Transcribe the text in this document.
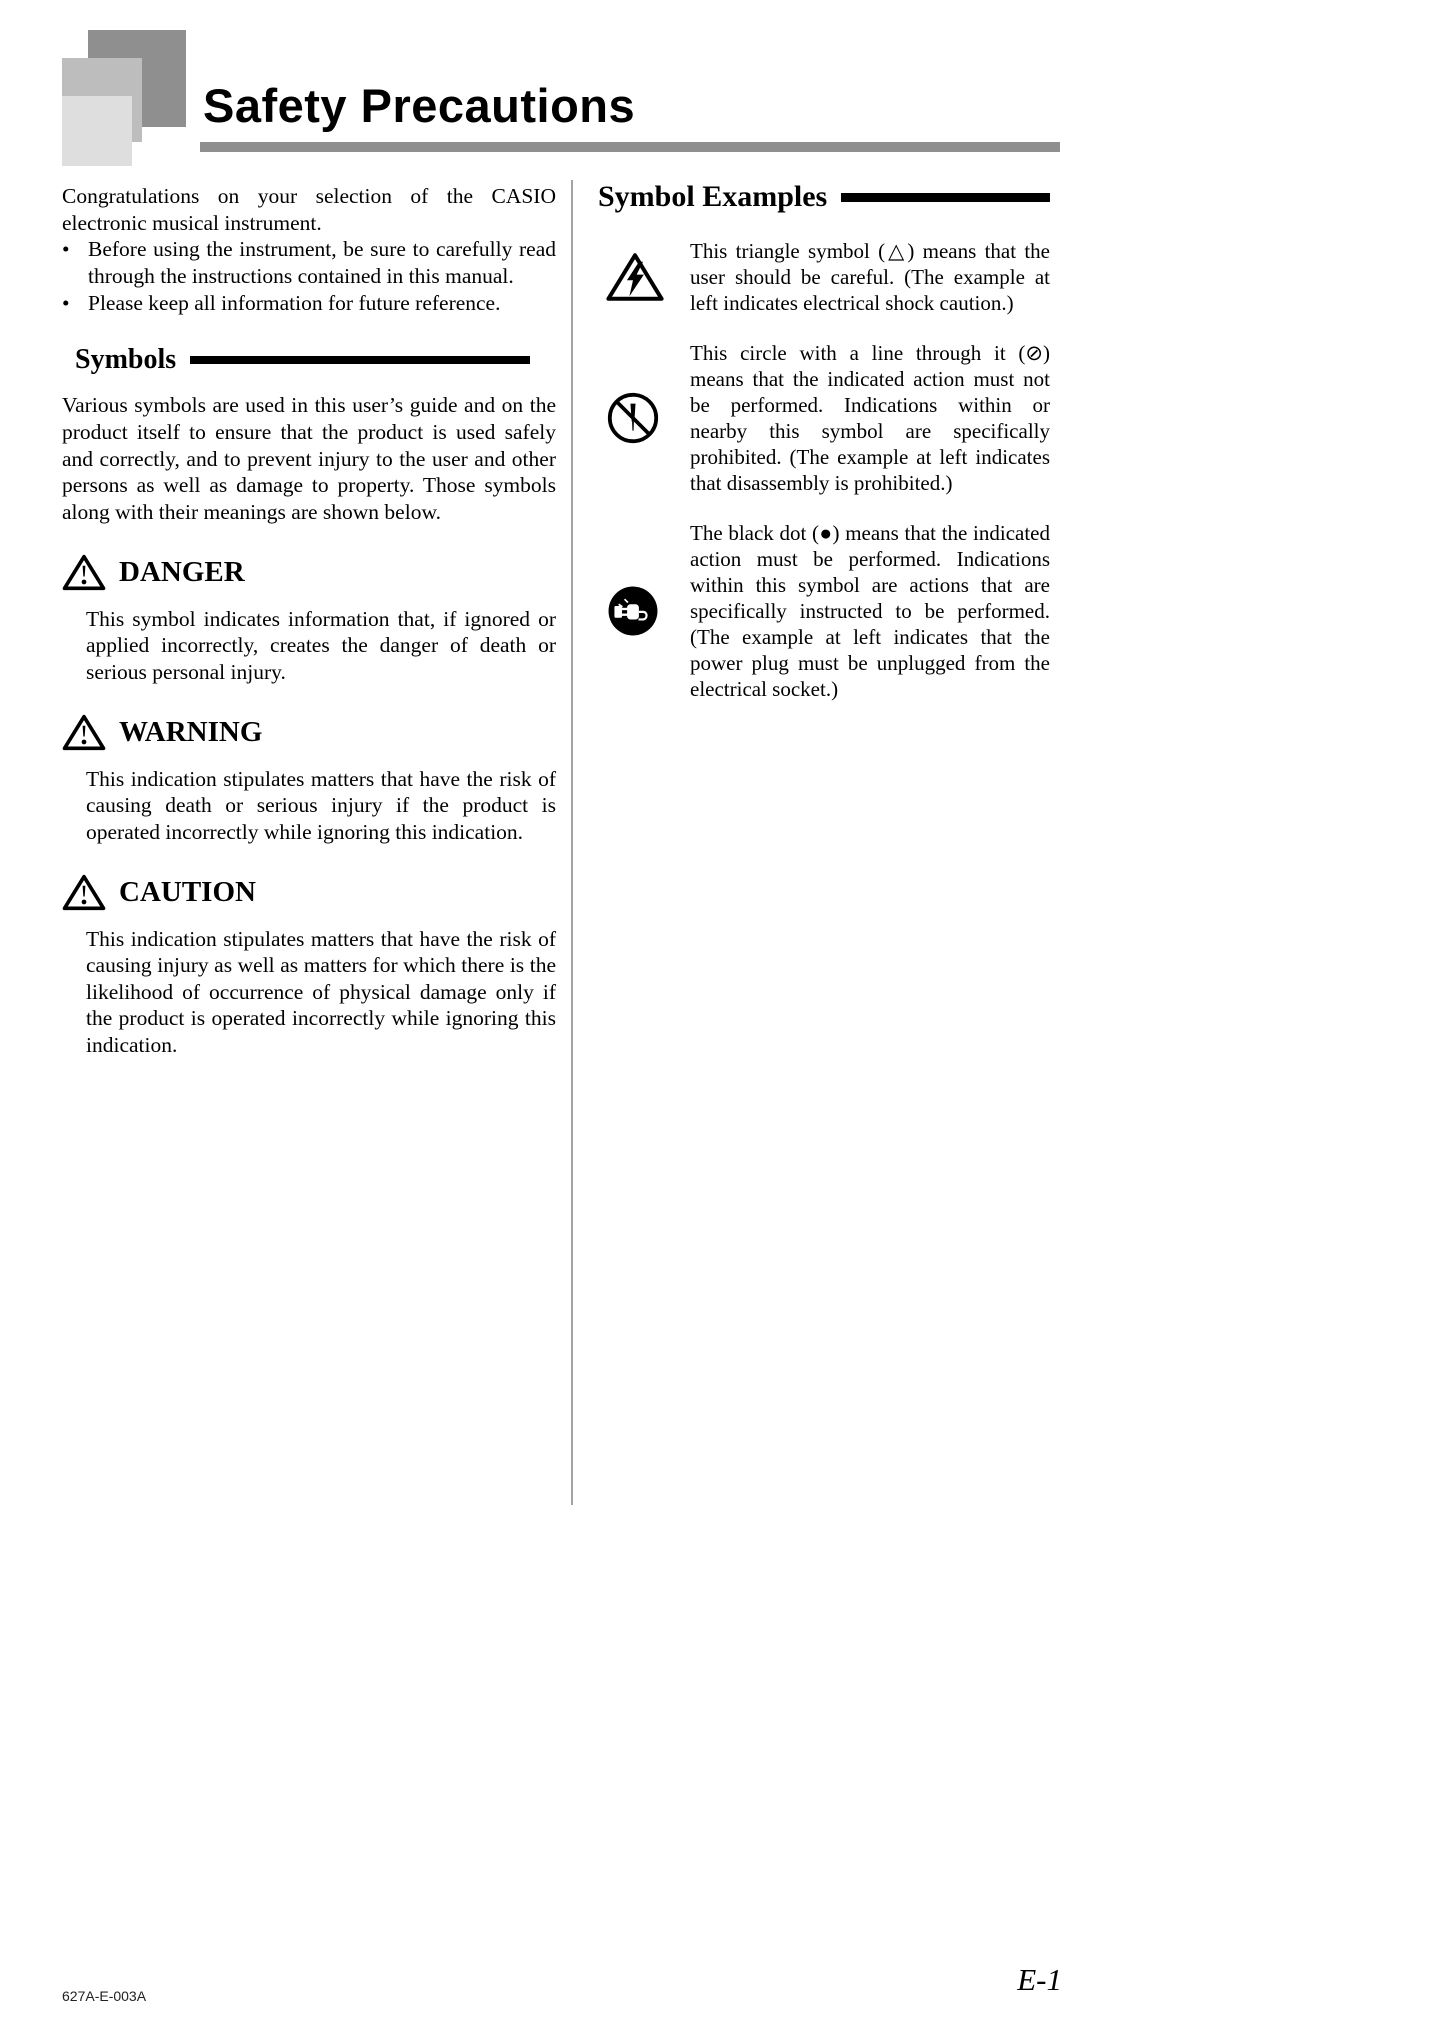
Safety Precautions

Congratulations on your selection of the CASIO electronic musical instrument.

• Before using the instrument, be sure to carefully read through the instructions contained in this manual.

• Please keep all information for future reference.

Symbols

Various symbols are used in this user’s guide and on the product itself to ensure that the product is used safely and correctly, and to prevent injury to the user and other persons as well as damage to property. Those symbols along with their meanings are shown below.

DANGER

This symbol indicates information that, if ignored or applied incorrectly, creates the danger of death or serious personal injury.

WARNING

This indication stipulates matters that have the risk of causing death or serious injury if the product is operated incorrectly while ignoring this indication.

CAUTION

This indication stipulates matters that have the risk of causing injury as well as matters for which there is the likelihood of occurrence of physical damage only if the product is operated incorrectly while ignoring this indication.

Symbol Examples

This triangle symbol (△) means that the user should be careful. (The example at left indicates electrical shock caution.)

This circle with a line through it (⊘) means that the indicated action must not be performed. Indications within or nearby this symbol are specifically prohibited. (The example at left indicates that disassembly is prohibited.)

The black dot (●) means that the indicated action must be performed. Indications within this symbol are actions that are specifically instructed to be performed. (The example at left indicates that the power plug must be unplugged from the electrical socket.)

627A-E-003A	E-1
